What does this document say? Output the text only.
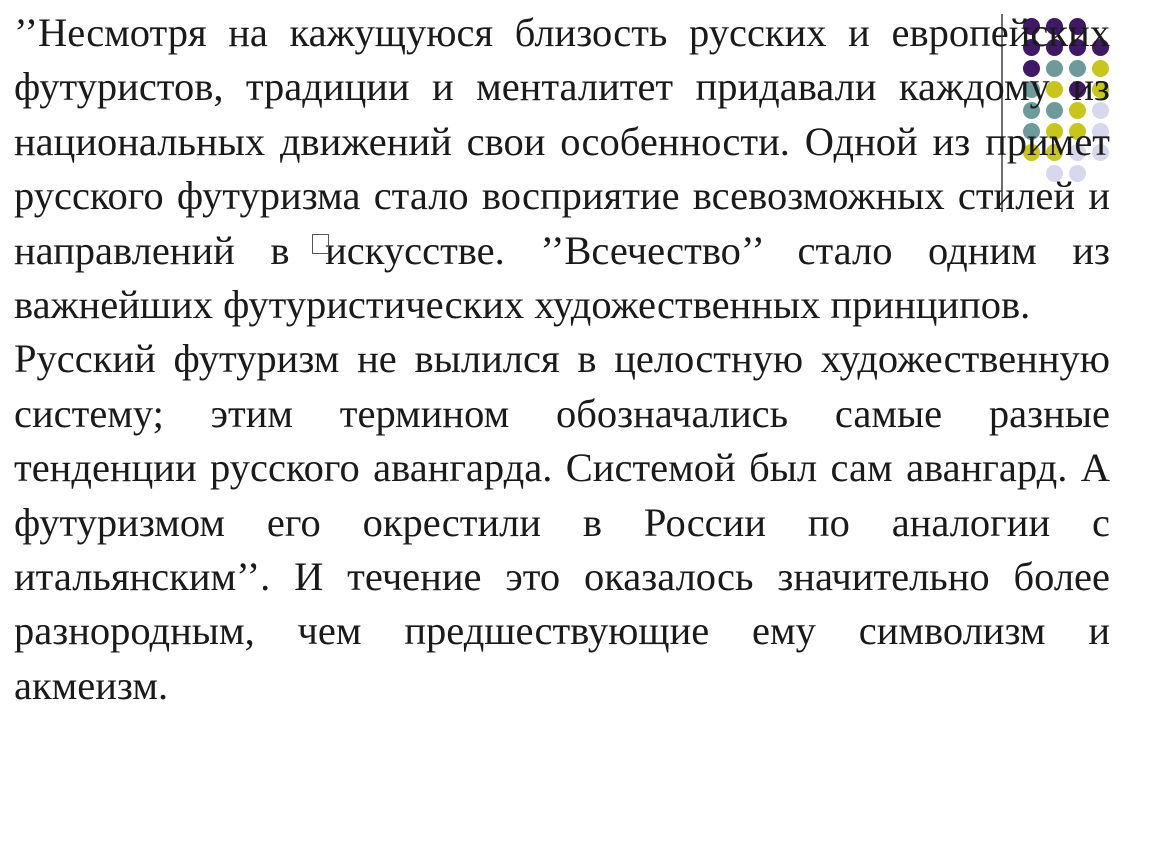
’’Несмотря на кажущуюся близость русских и европейских футуристов, традиции и менталитет придавали каждому из национальных движений свои особенности. Одной из примет русского футуризма стало восприятие всевозможных стилей и направлений в искусстве. ’’Всечество’’ стало одним из важнейших футуристических художественных принципов.

Русский футуризм не вылился в целостную художественную систему; этим термином обозначались самые разные тенденции русского авангарда. Системой был сам авангард. А футуризмом его окрестили в России по аналогии с итальянским’’. И течение это оказалось значительно более разнородным, чем предшествующие ему символизм и акмеизм.
